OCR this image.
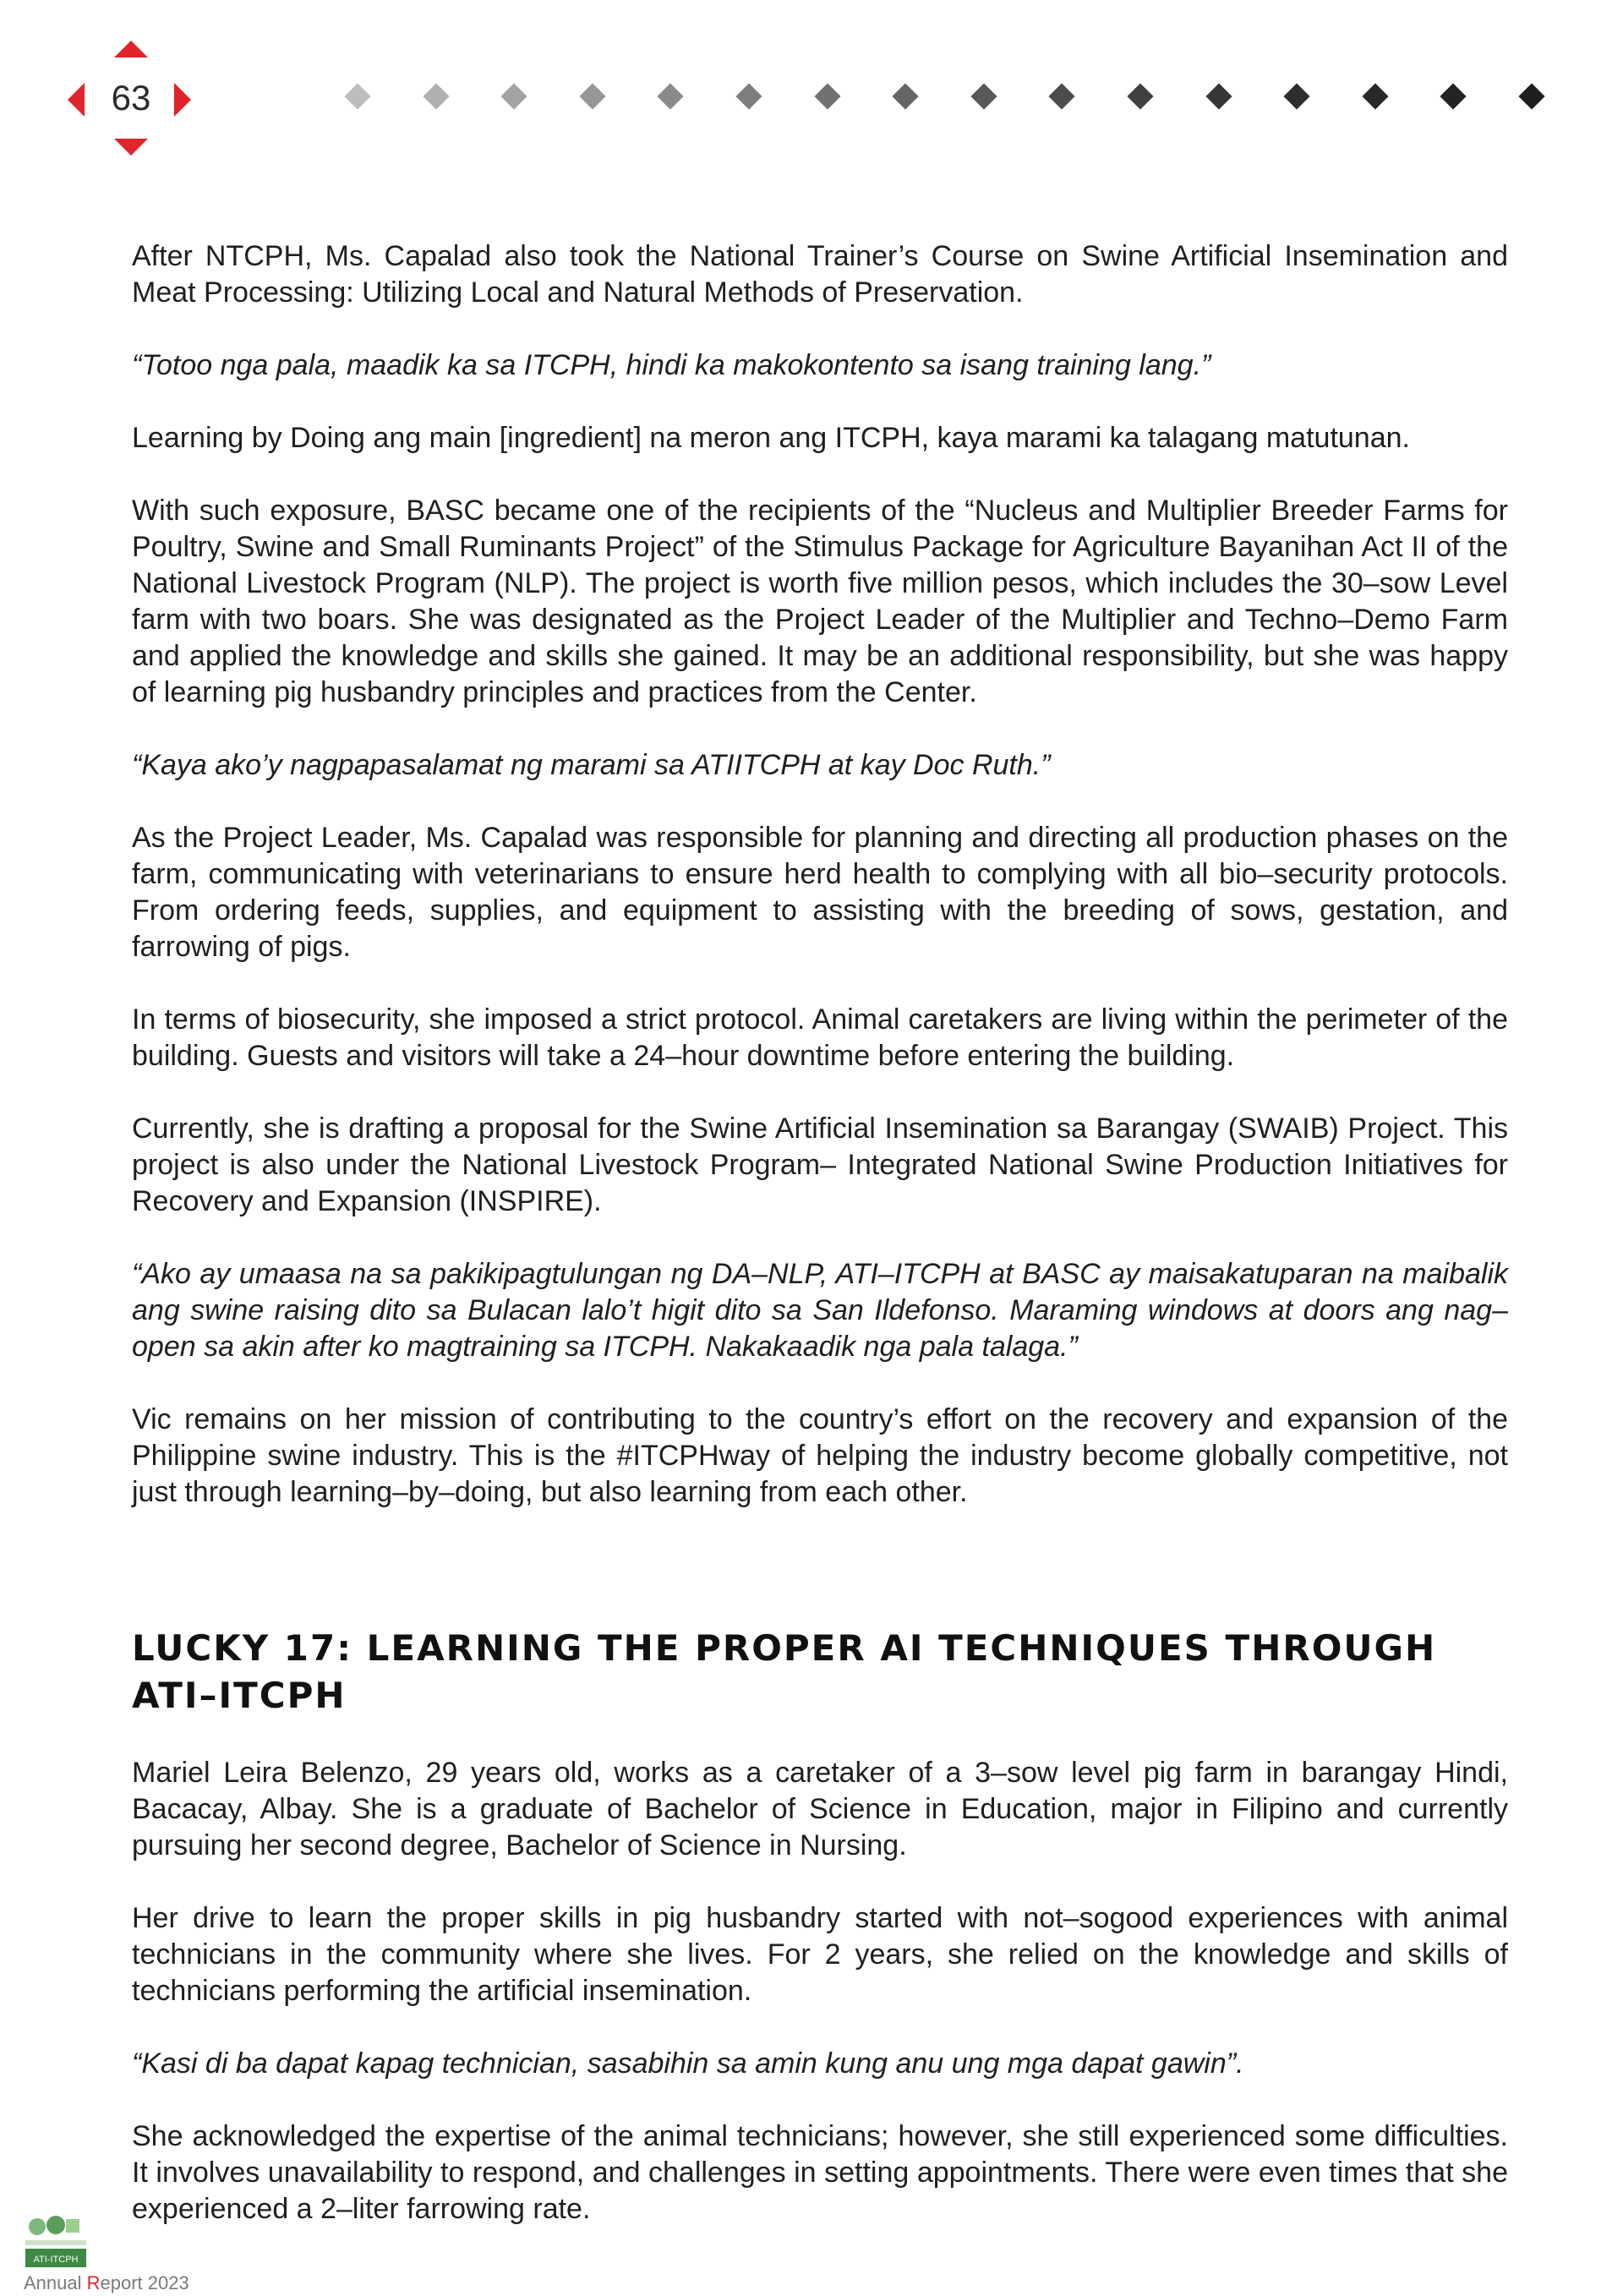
63

After NTCPH, Ms. Capalad also took the National Trainer’s Course on Swine Artificial Insemination and Meat Processing: Utilizing Local and Natural Methods of Preservation.

“Totoo nga pala, maadik ka sa ITCPH, hindi ka makokontento sa isang training lang.”

Learning by Doing ang main [ingredient] na meron ang ITCPH, kaya marami ka talagang matutunan.

With such exposure, BASC became one of the recipients of the “Nucleus and Multiplier Breeder Farms for Poultry, Swine and Small Ruminants Project” of the Stimulus Package for Agriculture Bayanihan Act II of the National Livestock Program (NLP). The project is worth five million pesos, which includes the 30–sow Level farm with two boars. She was designated as the Project Leader of the Multiplier and Techno–Demo Farm and applied the knowledge and skills she gained. It may be an additional responsibility, but she was happy of learning pig husbandry principles and practices from the Center.

“Kaya ako’y nagpapasalamat ng marami sa ATIITCPH at kay Doc Ruth.”

As the Project Leader, Ms. Capalad was responsible for planning and directing all production phases on the farm, communicating with veterinarians to ensure herd health to complying with all bio–security protocols. From ordering feeds, supplies, and equipment to assisting with the breeding of sows, gestation, and farrowing of pigs.

In terms of biosecurity, she imposed a strict protocol. Animal caretakers are living within the perimeter of the building. Guests and visitors will take a 24–hour downtime before entering the building.

Currently, she is drafting a proposal for the Swine Artificial Insemination sa Barangay (SWAIB) Project. This project is also under the National Livestock Program– Integrated National Swine Production Initiatives for Recovery and Expansion (INSPIRE).

“Ako ay umaasa na sa pakikipagtulungan ng DA–NLP, ATI–ITCPH at BASC ay maisakatuparan na maibalik ang swine raising dito sa Bulacan lalo’t higit dito sa San Ildefonso. Maraming windows at doors ang nag–open sa akin after ko magtraining sa ITCPH. Nakakaadik nga pala talaga.”

Vic remains on her mission of contributing to the country’s effort on the recovery and expansion of the Philippine swine industry. This is the #ITCPHway of helping the industry become globally competitive, not just through learning–by–doing, but also learning from each other.

LUCKY 17: LEARNING THE PROPER AI TECHNIQUES THROUGH ATI–ITCPH

Mariel Leira Belenzo, 29 years old, works as a caretaker of a 3–sow level pig farm in barangay Hindi, Bacacay, Albay. She is a graduate of Bachelor of Science in Education, major in Filipino and currently pursuing her second degree, Bachelor of Science in Nursing.

Her drive to learn the proper skills in pig husbandry started with not–sogood experiences with animal technicians in the community where she lives. For 2 years, she relied on the knowledge and skills of technicians performing the artificial insemination.

“Kasi di ba dapat kapag technician, sasabihin sa amin kung anu ung mga dapat gawin”.

She acknowledged the expertise of the animal technicians; however, she still experienced some difficulties. It involves unavailability to respond, and challenges in setting appointments. There were even times that she experienced a 2–liter farrowing rate.

ATI-ITCPH
Annual Report 2023
